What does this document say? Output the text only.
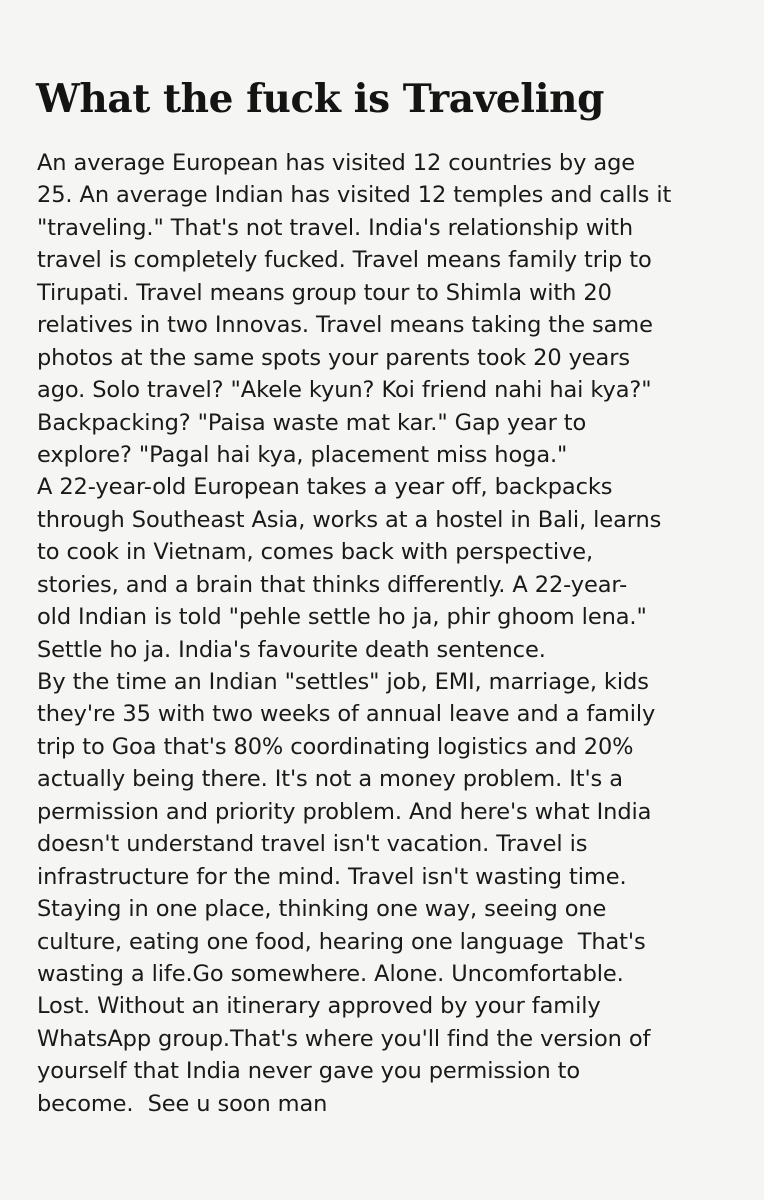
What the fuck is Traveling
An average European has visited 12 countries by age
25. An average Indian has visited 12 temples and calls it
"traveling." That's not travel. India's relationship with
travel is completely fucked. Travel means family trip to
Tirupati. Travel means group tour to Shimla with 20
relatives in two Innovas. Travel means taking the same
photos at the same spots your parents took 20 years
ago. Solo travel? "Akele kyun? Koi friend nahi hai kya?"
Backpacking? "Paisa waste mat kar." Gap year to
explore? "Pagal hai kya, placement miss hoga."
A 22-year-old European takes a year off, backpacks
through Southeast Asia, works at a hostel in Bali, learns
to cook in Vietnam, comes back with perspective,
stories, and a brain that thinks differently. A 22-year-
old Indian is told "pehle settle ho ja, phir ghoom lena."
Settle ho ja. India's favourite death sentence.
By the time an Indian "settles" job, EMI, marriage, kids
they're 35 with two weeks of annual leave and a family
trip to Goa that's 80% coordinating logistics and 20%
actually being there. It's not a money problem. It's a
permission and priority problem. And here's what India
doesn't understand travel isn't vacation. Travel is
infrastructure for the mind. Travel isn't wasting time.
Staying in one place, thinking one way, seeing one
culture, eating one food, hearing one language  That's
wasting a life.Go somewhere. Alone. Uncomfortable.
Lost. Without an itinerary approved by your family
WhatsApp group.That's where you'll find the version of
yourself that India never gave you permission to
become.  See u soon man
